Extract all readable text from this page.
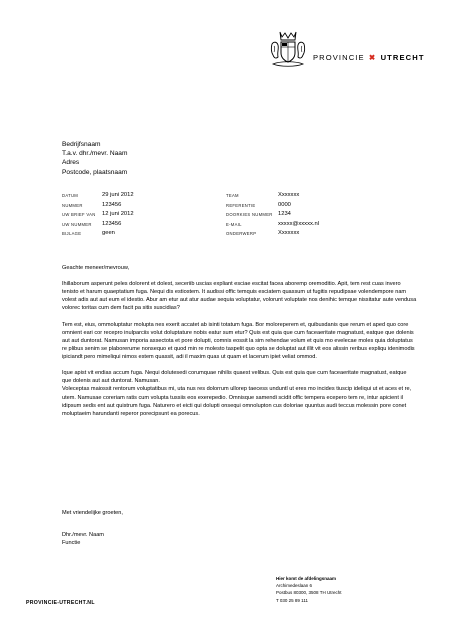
PROVINCIE ✖ UTRECHT
Bedrijfsnaam
T.a.v. dhr./mevr. Naam
Adres
Postcode, plaatsnaam
DATUM	29 juni 2012
NUMMER	123456
UW BRIEF VAN	12 juni 2012
UW NUMMER	123456
BIJLAGE	geen
TEAM	Xxxxxxx
REFERENTIE	0000
DOORKIES NUMMER 1234
E-MAIL	xxxxx@xxxxx.nl
ONDERWERP	Xxxxxxx

Geachte meneer/mevrouw,

Ihillaborum asperunt peles dolorent et dolest, seceriib uscias expliant esciae escitat facea aboremp oremoditio. Apit, tem rest cuas invero tenisto et harum quaeptatium fuga. Nequi dis estiostem. It audissi offic temquis esciatem quassum ut fugitis repudipsae volendempore nam volest adis aut aut eum el idestio. Abur am etur aut atur audae sequia voluptatur, volorunt voluptate nos denihic temque nissitatur aute vendusa volorec toritas cum dem facit pa sitis suscidias?

Tem est, eius, ommoluptatur molupta nes exerit accatet ab isinti totatum fuga. Bor moloreperem et, quibusdanis que rerum et aped quo core omnient eari cor recepro inulparciis volut doluptature nobis eatur sum etur? Quis est quia que cum faceaeritate magnatust, eatque que dolenis aut aut duntorat. Namusan imporia assectota et pore dolupti, comnis eossit la sim rehendae volum et quis mo evelecae moles quia doluptatus re plibus senim se plaborerume nonsequo et quod min re molesto taspelit quo opta se doluptat aut illit vit eos alissin reribus expliqu idenimodis ipiciandt pero mimeliqui nimos estem quassit, adi il maxim quas ut quam et lacerum ipiet veliat ommod.

Ique apist vit endias accum fuga. Nequi dolutesedi corumquae nihilis quaest velibus. Quis est quia que cum faceaeritate magnatust, eatque que dolenis aut aut duntorat. Namusan.
Voleceptas maiossit rentorum voluptatibus mi, uta nus res dolorrum ullorep taecess unduntl ut eres mo incides tiuscip ideliqui ut et aces et re, utem. Namusae coreriam ratis cum volupta tussiis eos exerepedio. Omnisque samendi scidit offic tempera ecepero tem re, intur apicient il idipsum sedis ent aut quistrum fuga. Naturero et eicti qui dolupti onsequi omnolupton cus doloriae quuntus audi teccus molessin pore conet moluptaeim harundanti reperor porecipsunt ea porecus.

Met vriendelijke groeten,
Dhr./mevr. Naam
Functie
Hier komt de afdelingsnaam
Archimedeslaan 6
Postbus 80300, 3508 TH Utrecht
T 030 25 89 111
PROVINCIE-UTRECHT.NL
